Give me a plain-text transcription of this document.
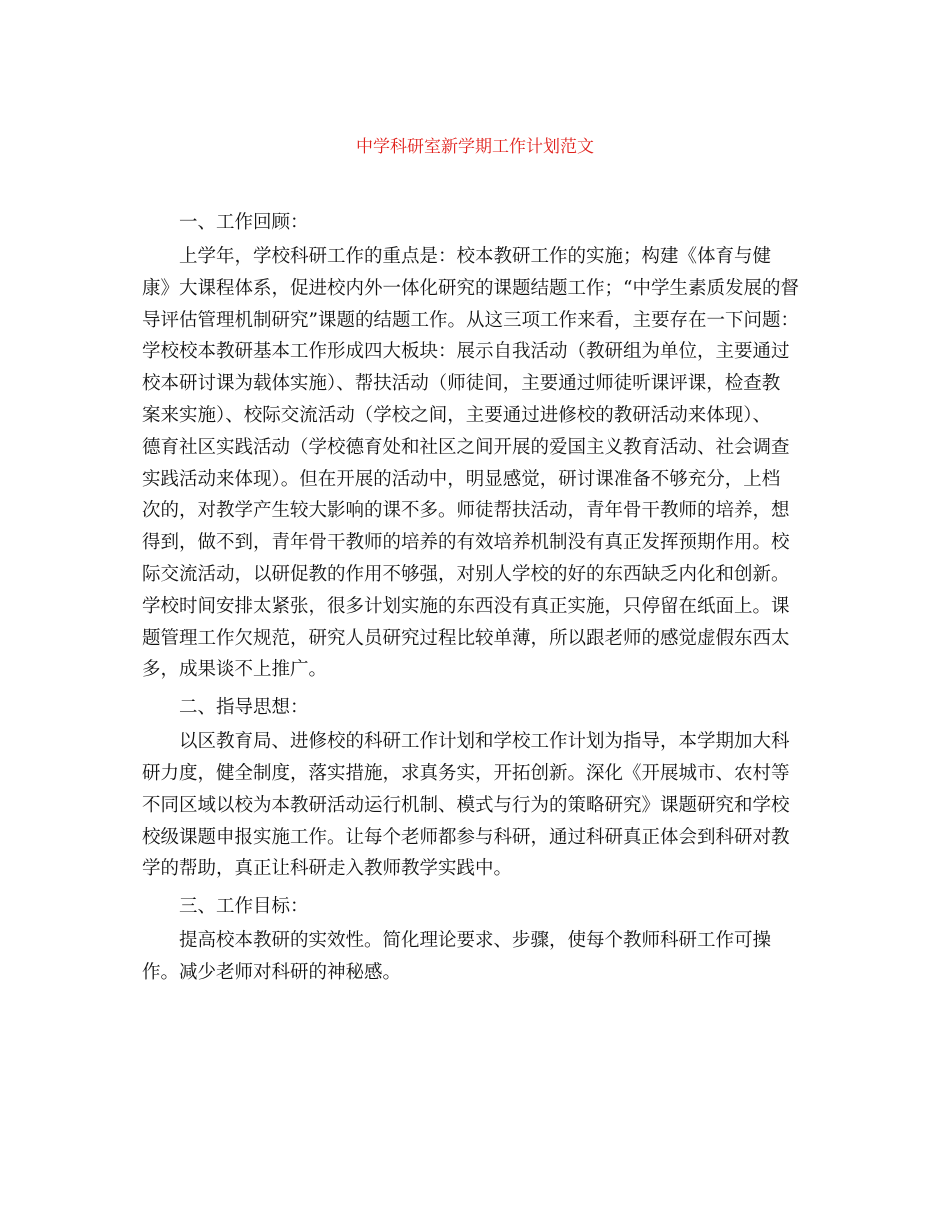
中学科研室新学期工作计划范文
一、工作回顾：
上学年，学校科研工作的重点是：校本教研工作的实施；构建《体育与健
康》大课程体系，促进校内外一体化研究的课题结题工作；“中学生素质发展的督
导评估管理机制研究”课题的结题工作。从这三项工作来看，主要存在一下问题：
学校校本教研基本工作形成四大板块：展示自我活动（教研组为单位，主要通过
校本研讨课为载体实施）、帮扶活动（师徒间，主要通过师徒听课评课，检查教
案来实施）、校际交流活动（学校之间，主要通过进修校的教研活动来体现）、
德育社区实践活动（学校德育处和社区之间开展的爱国主义教育活动、社会调查
实践活动来体现）。但在开展的活动中，明显感觉，研讨课准备不够充分，上档
次的，对教学产生较大影响的课不多。师徒帮扶活动，青年骨干教师的培养，想
得到，做不到，青年骨干教师的培养的有效培养机制没有真正发挥预期作用。校
际交流活动，以研促教的作用不够强，对别人学校的好的东西缺乏内化和创新。
学校时间安排太紧张，很多计划实施的东西没有真正实施，只停留在纸面上。课
题管理工作欠规范，研究人员研究过程比较单薄，所以跟老师的感觉虚假东西太
多，成果谈不上推广。
二、指导思想：
以区教育局、进修校的科研工作计划和学校工作计划为指导，本学期加大科
研力度，健全制度，落实措施，求真务实，开拓创新。深化《开展城市、农村等
不同区域以校为本教研活动运行机制、模式与行为的策略研究》课题研究和学校
校级课题申报实施工作。让每个老师都参与科研，通过科研真正体会到科研对教
学的帮助，真正让科研走入教师教学实践中。
三、工作目标：
提高校本教研的实效性。简化理论要求、步骤，使每个教师科研工作可操
作。减少老师对科研的神秘感。
